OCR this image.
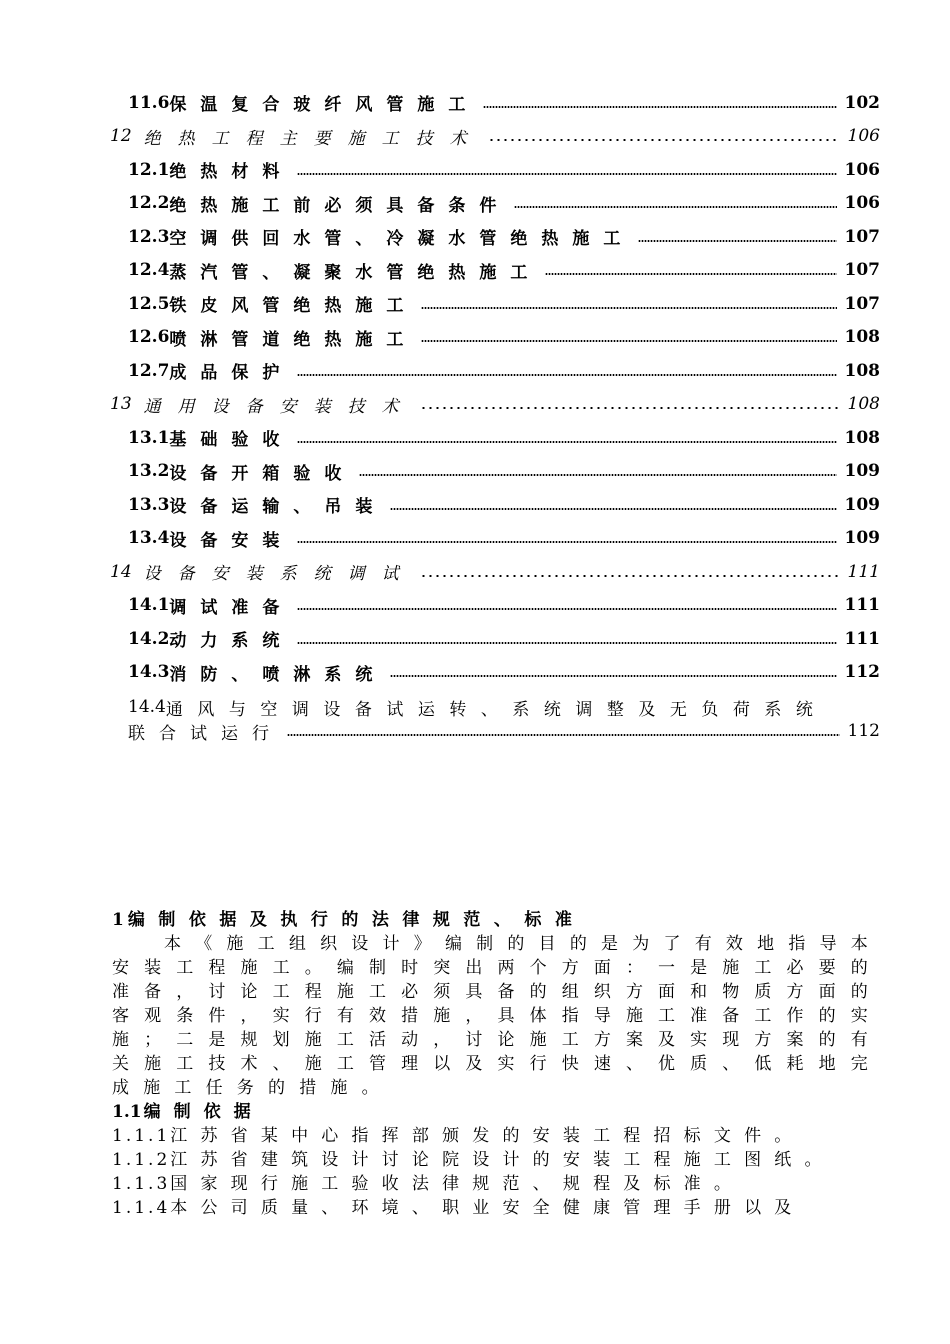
11.6 保温复合玻纤风管施工	102
12 绝热工程主要施工技术	106
12.1 绝热材料	106
12.2 绝热施工前必须具备条件	106
12.3 空调供回水管、冷凝水管绝热施工	107
12.4 蒸汽管、凝聚水管绝热施工	107
12.5 铁皮风管绝热施工	107
12.6 喷淋管道绝热施工	108
12.7 成品保护	108
13 通用设备安装技术	108
13.1 基础验收	108
13.2 设备开箱验收	109
13.3 设备运输、吊装	109
13.4 设备安装	109
14 设备安装系统调试	111
14.1 调试准备	111
14.2 动力系统	111
14.3 消防、喷淋系统	112
14.4 通风与空调设备试运转、系统调整及无负荷系统
联合试运行	112
1 编制依据及执行的法律规范、标准

本《施工组织设计》编制的目的是为了有效地指导本安装工程施工。编制时突出两个方面：一是施工必要的准备，讨论工程施工必须具备的组织方面和物质方面的客观条件，实行有效措施，具体指导施工准备工作的实施；二是规划施工活动，讨论施工方案及实现方案的有关施工技术、施工管理以及实行快速、优质、低耗地完成施工任务的措施。

1.1 编制依据
1.1.1江苏省某中心指挥部颁发的安装工程招标文件。
1.1.2江苏省建筑设计讨论院设计的安装工程施工图纸。
1.1.3国家现行施工验收法律规范、规程及标准。
1.1.4本公司质量、环境、职业安全健康管理手册以及
